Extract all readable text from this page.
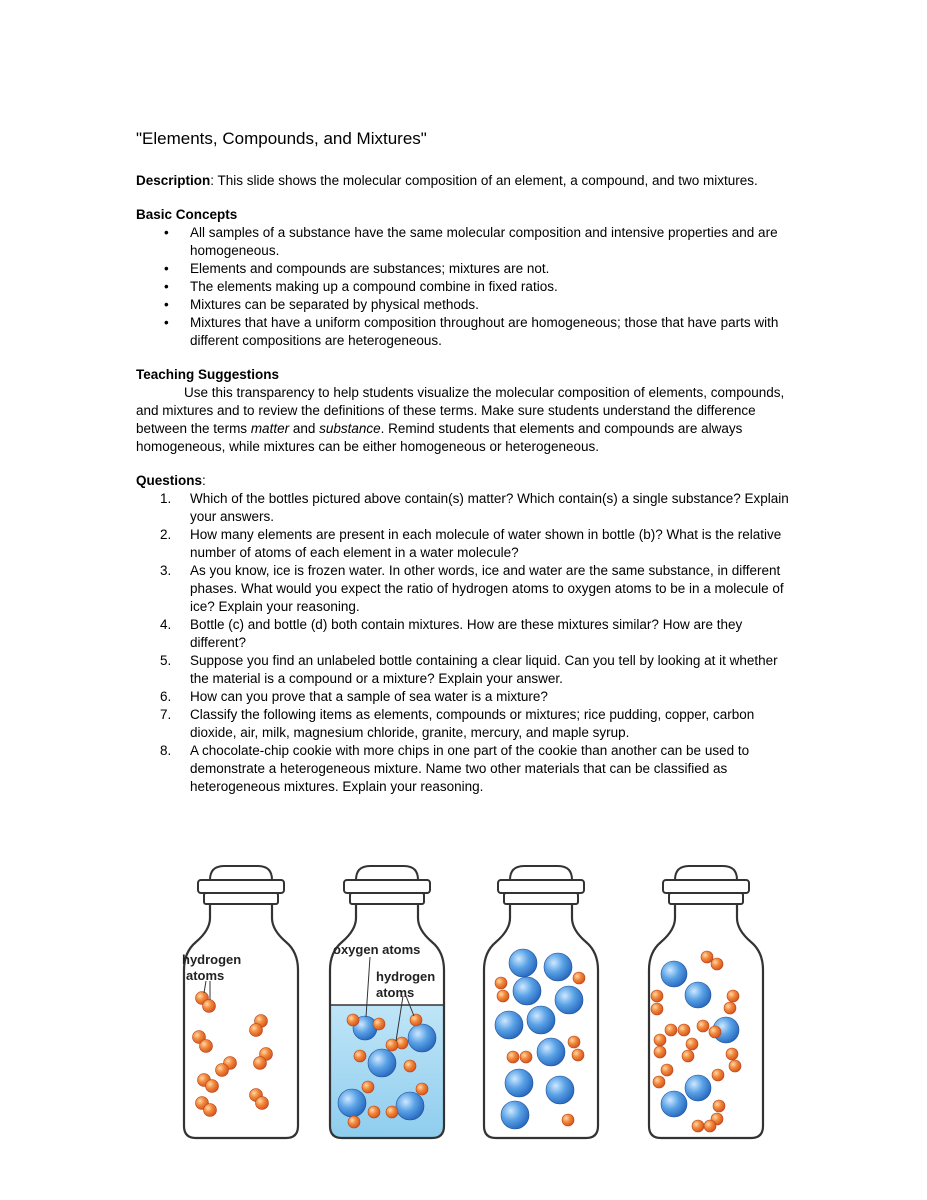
"Elements, Compounds, and Mixtures"

Description: This slide shows the molecular composition of an element, a compound, and two mixtures.

Basic Concepts

• All samples of a substance have the same molecular composition and intensive properties and are homogeneous.
• Elements and compounds are substances; mixtures are not.
• The elements making up a compound combine in fixed ratios.
• Mixtures can be separated by physical methods.
• Mixtures that have a uniform composition throughout are homogeneous; those that have parts with different compositions are heterogeneous.

Teaching Suggestions

Use this transparency to help students visualize the molecular composition of elements, compounds, and mixtures and to review the definitions of these terms. Make sure students understand the difference between the terms matter and substance. Remind students that elements and compounds are always homogeneous, while mixtures can be either homogeneous or heterogeneous.

Questions:

1. Which of the bottles pictured above contain(s) matter? Which contain(s) a single substance? Explain your answers.
2. How many elements are present in each molecule of water shown in bottle (b)? What is the relative number of atoms of each element in a water molecule?
3. As you know, ice is frozen water. In other words, ice and water are the same substance, in different phases. What would you expect the ratio of hydrogen atoms to oxygen atoms to be in a molecule of ice? Explain your reasoning.
4. Bottle (c) and bottle (d) both contain mixtures. How are these mixtures similar? How are they different?
5. Suppose you find an unlabeled bottle containing a clear liquid. Can you tell by looking at it whether the material is a compound or a mixture? Explain your answer.
6. How can you prove that a sample of sea water is a mixture?
7. Classify the following items as elements, compounds or mixtures; rice pudding, copper, carbon dioxide, air, milk, magnesium chloride, granite, mercury, and maple syrup.
8. A chocolate-chip cookie with more chips in one part of the cookie than another can be used to demonstrate a heterogeneous mixture. Name two other materials that can be classified as heterogeneous mixtures. Explain your reasoning.
hydrogen
atoms
oxygen atoms
hydrogen
atoms
